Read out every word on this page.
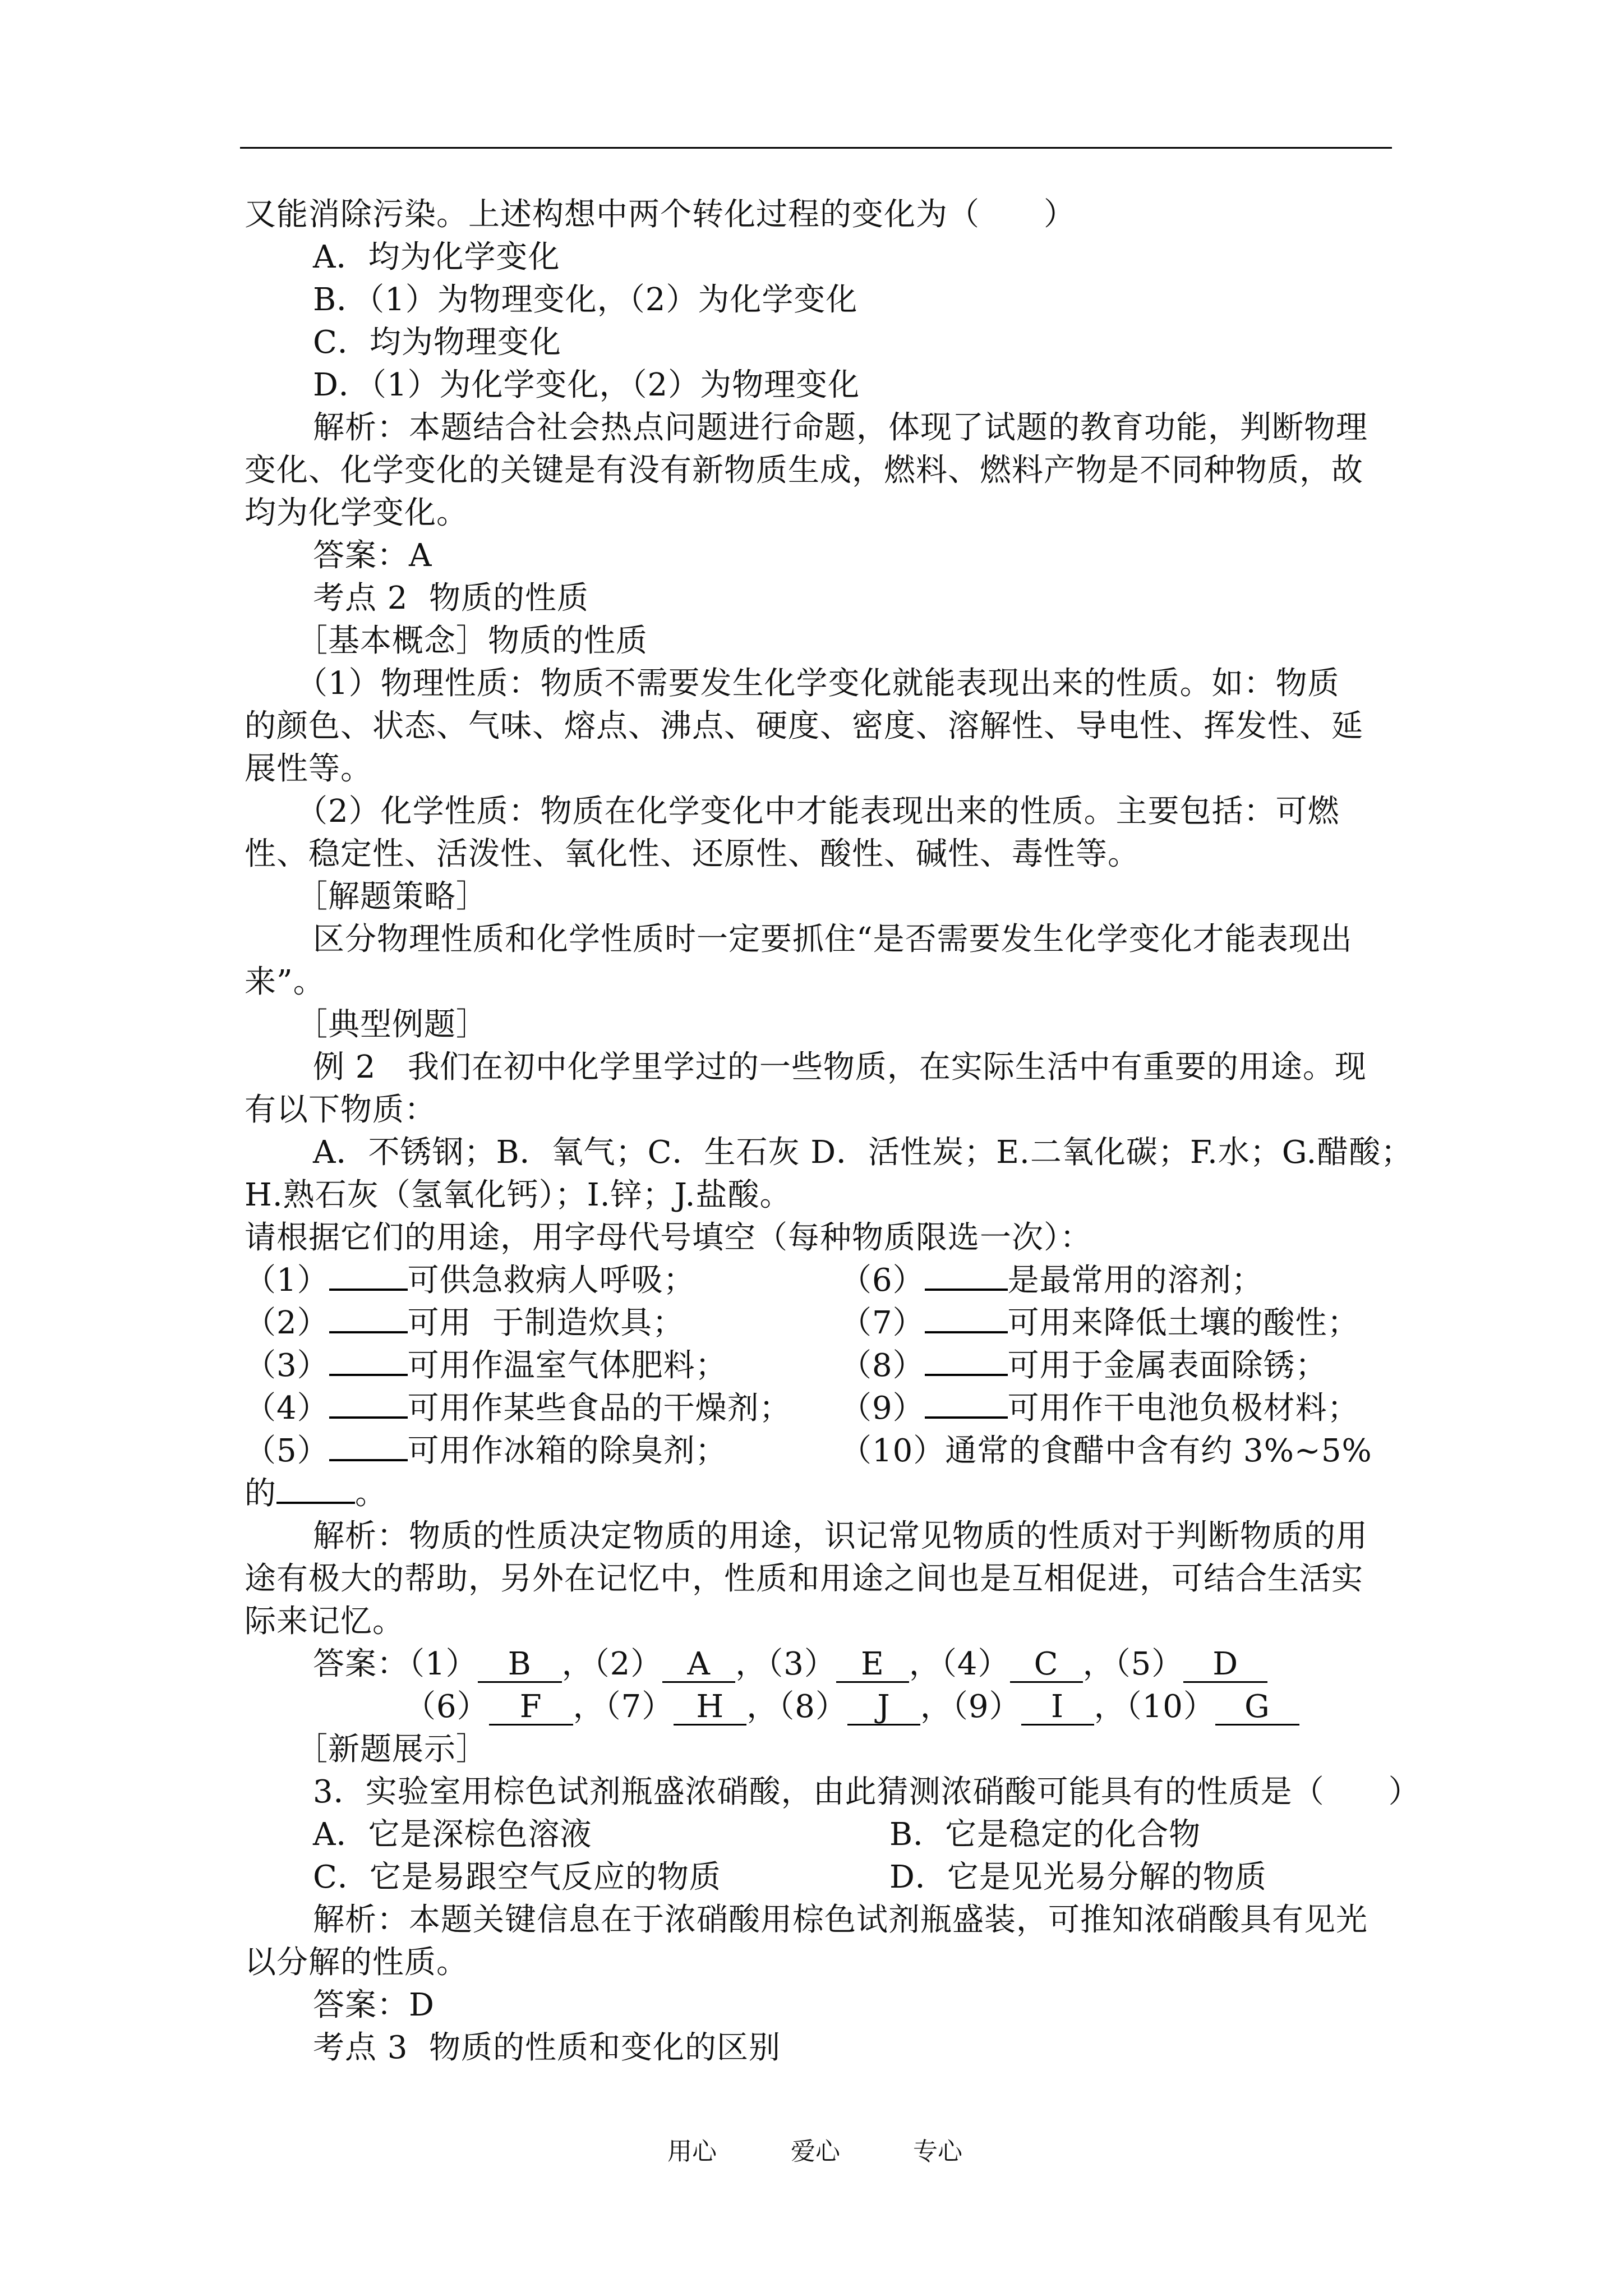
又能消除污染。上述构想中两个转化过程的变化为（　　）
A．均为化学变化
B．（1）为物理变化，（2）为化学变化
C．均为物理变化
D．（1）为化学变化，（2）为物理变化
解析：本题结合社会热点问题进行命题，体现了试题的教育功能，判断物理
变化、化学变化的关键是有没有新物质生成，燃料、燃料产物是不同种物质，故
均为化学变化。
答案：A
考点 2  物质的性质
［基本概念］物质的性质
（1）物理性质：物质不需要发生化学变化就能表现出来的性质。如：物质
的颜色、状态、气味、熔点、沸点、硬度、密度、溶解性、导电性、挥发性、延
展性等。
（2）化学性质：物质在化学变化中才能表现出来的性质。主要包括：可燃
性、稳定性、活泼性、氧化性、还原性、酸性、碱性、毒性等。
［解题策略］
区分物理性质和化学性质时一定要抓住“是否需要发生化学变化才能表现出
来”。
［典型例题］
例 2   我们在初中化学里学过的一些物质，在实际生活中有重要的用途。现
有以下物质：
A．不锈钢；B．氧气；C．生石灰 D．活性炭；E.二氧化碳；F.水；G.醋酸；
H.熟石灰（氢氧化钙）；I.锌；J.盐酸。
请根据它们的用途，用字母代号填空（每种物质限选一次）：
（1）	可供急救病人呼吸；	（6）	是最常用的溶剂；
（2）	可用  于制造炊具；	（7）	可用来降低土壤的酸性；
（3）	可用作温室气体肥料；	（8）	可用于金属表面除锈；
（4）	可用作某些食品的干燥剂；	（9）	可用作干电池负极材料；
（5）	可用作冰箱的除臭剂；	（10）通常的食醋中含有约 3%~5%
的	。
解析：物质的性质决定物质的用途，识记常见物质的性质对于判断物质的用
途有极大的帮助，另外在记忆中，性质和用途之间也是互相促进，可结合生活实
际来记忆。
答案：（1） B ，（2） A ，（3） E ，（4） C ，（5） D
（6） F ，（7） H ，（8） J ，（9） I ，（10） G
［新题展示］
3．实验室用棕色试剂瓶盛浓硝酸，由此猜测浓硝酸可能具有的性质是（　　）
A．它是深棕色溶液	B．它是稳定的化合物
C．它是易跟空气反应的物质	D．它是见光易分解的物质
解析：本题关键信息在于浓硝酸用棕色试剂瓶盛装，可推知浓硝酸具有见光
以分解的性质。
答案：D
考点 3  物质的性质和变化的区别
用心	爱心	专心
